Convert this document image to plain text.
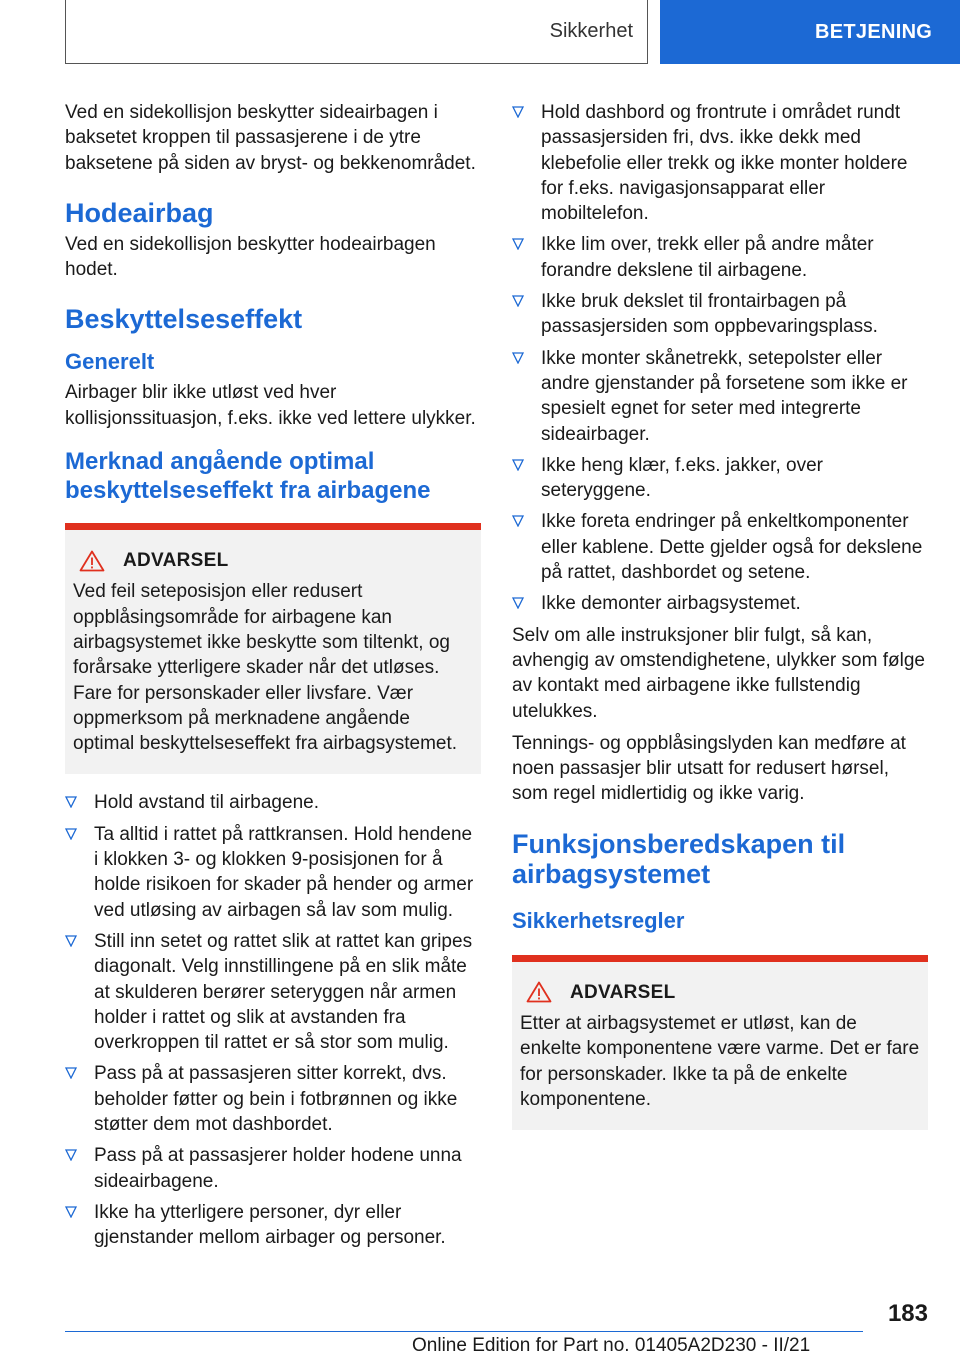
Sikkerhet	BETJENING

Ved en sidekollisjon beskytter sideairbagen i baksetet kroppen til passasjerene i de ytre baksetene på siden av bryst- og bekkenområdet.

Hodeairbag

Ved en sidekollisjon beskytter hodeairbagen hodet.

Beskyttelseseffekt
Generelt

Airbager blir ikke utløst ved hver kollisjonssituasjon, f.eks. ikke ved lettere ulykker.

Merknad angående optimal beskyttelseseffekt fra airbagene
ADVARSEL
Ved feil seteposisjon eller redusert oppblåsingsområde for airbagene kan airbagsystemet ikke beskytte som tiltenkt, og forårsake ytterligere skader når det utløses. Fare for personskader eller livsfare. Vær oppmerksom på merknadene angående optimal beskyttelseseffekt fra airbagsystemet.
Hold avstand til airbagene.
Ta alltid i rattet på rattkransen. Hold hendene i klokken 3- og klokken 9-posisjonen for å holde risikoen for skader på hender og armer ved utløsing av airbagen så lav som mulig.
Still inn setet og rattet slik at rattet kan gripes diagonalt. Velg innstillingene på en slik måte at skulderen berører seteryggen når armen holder i rattet og slik at avstanden fra overkroppen til rattet er så stor som mulig.
Pass på at passasjeren sitter korrekt, dvs. beholder føtter og bein i fotbrønnen og ikke støtter dem mot dashbordet.
Pass på at passasjerer holder hodene unna sideairbagene.
Ikke ha ytterligere personer, dyr eller gjenstander mellom airbager og personer.
Hold dashbord og frontrute i området rundt passasjersiden fri, dvs. ikke dekk med klebefolie eller trekk og ikke monter holdere for f.eks. navigasjonsapparat eller mobiltelefon.
Ikke lim over, trekk eller på andre måter forandre dekslene til airbagene.
Ikke bruk dekslet til frontairbagen på passasjersiden som oppbevaringsplass.
Ikke monter skånetrekk, setepolster eller andre gjenstander på forsetene som ikke er spesielt egnet for seter med integrerte sideairbager.
Ikke heng klær, f.eks. jakker, over seteryggene.
Ikke foreta endringer på enkeltkomponenter eller kablene. Dette gjelder også for dekslene på rattet, dashbordet og setene.
Ikke demonter airbagsystemet.

Selv om alle instruksjoner blir fulgt, så kan, avhengig av omstendighetene, ulykker som følge av kontakt med airbagene ikke fullstendig utelukkes.

Tennings- og oppblåsingslyden kan medføre at noen passasjer blir utsatt for redusert hørsel, som regel midlertidig og ikke varig.

Funksjonsberedskapen til airbagsystemet
Sikkerhetsregler
ADVARSEL
Etter at airbagsystemet er utløst, kan de enkelte komponentene være varme. Det er fare for personskader. Ikke ta på de enkelte komponentene.
183
Online Edition for Part no. 01405A2D230 - II/21
